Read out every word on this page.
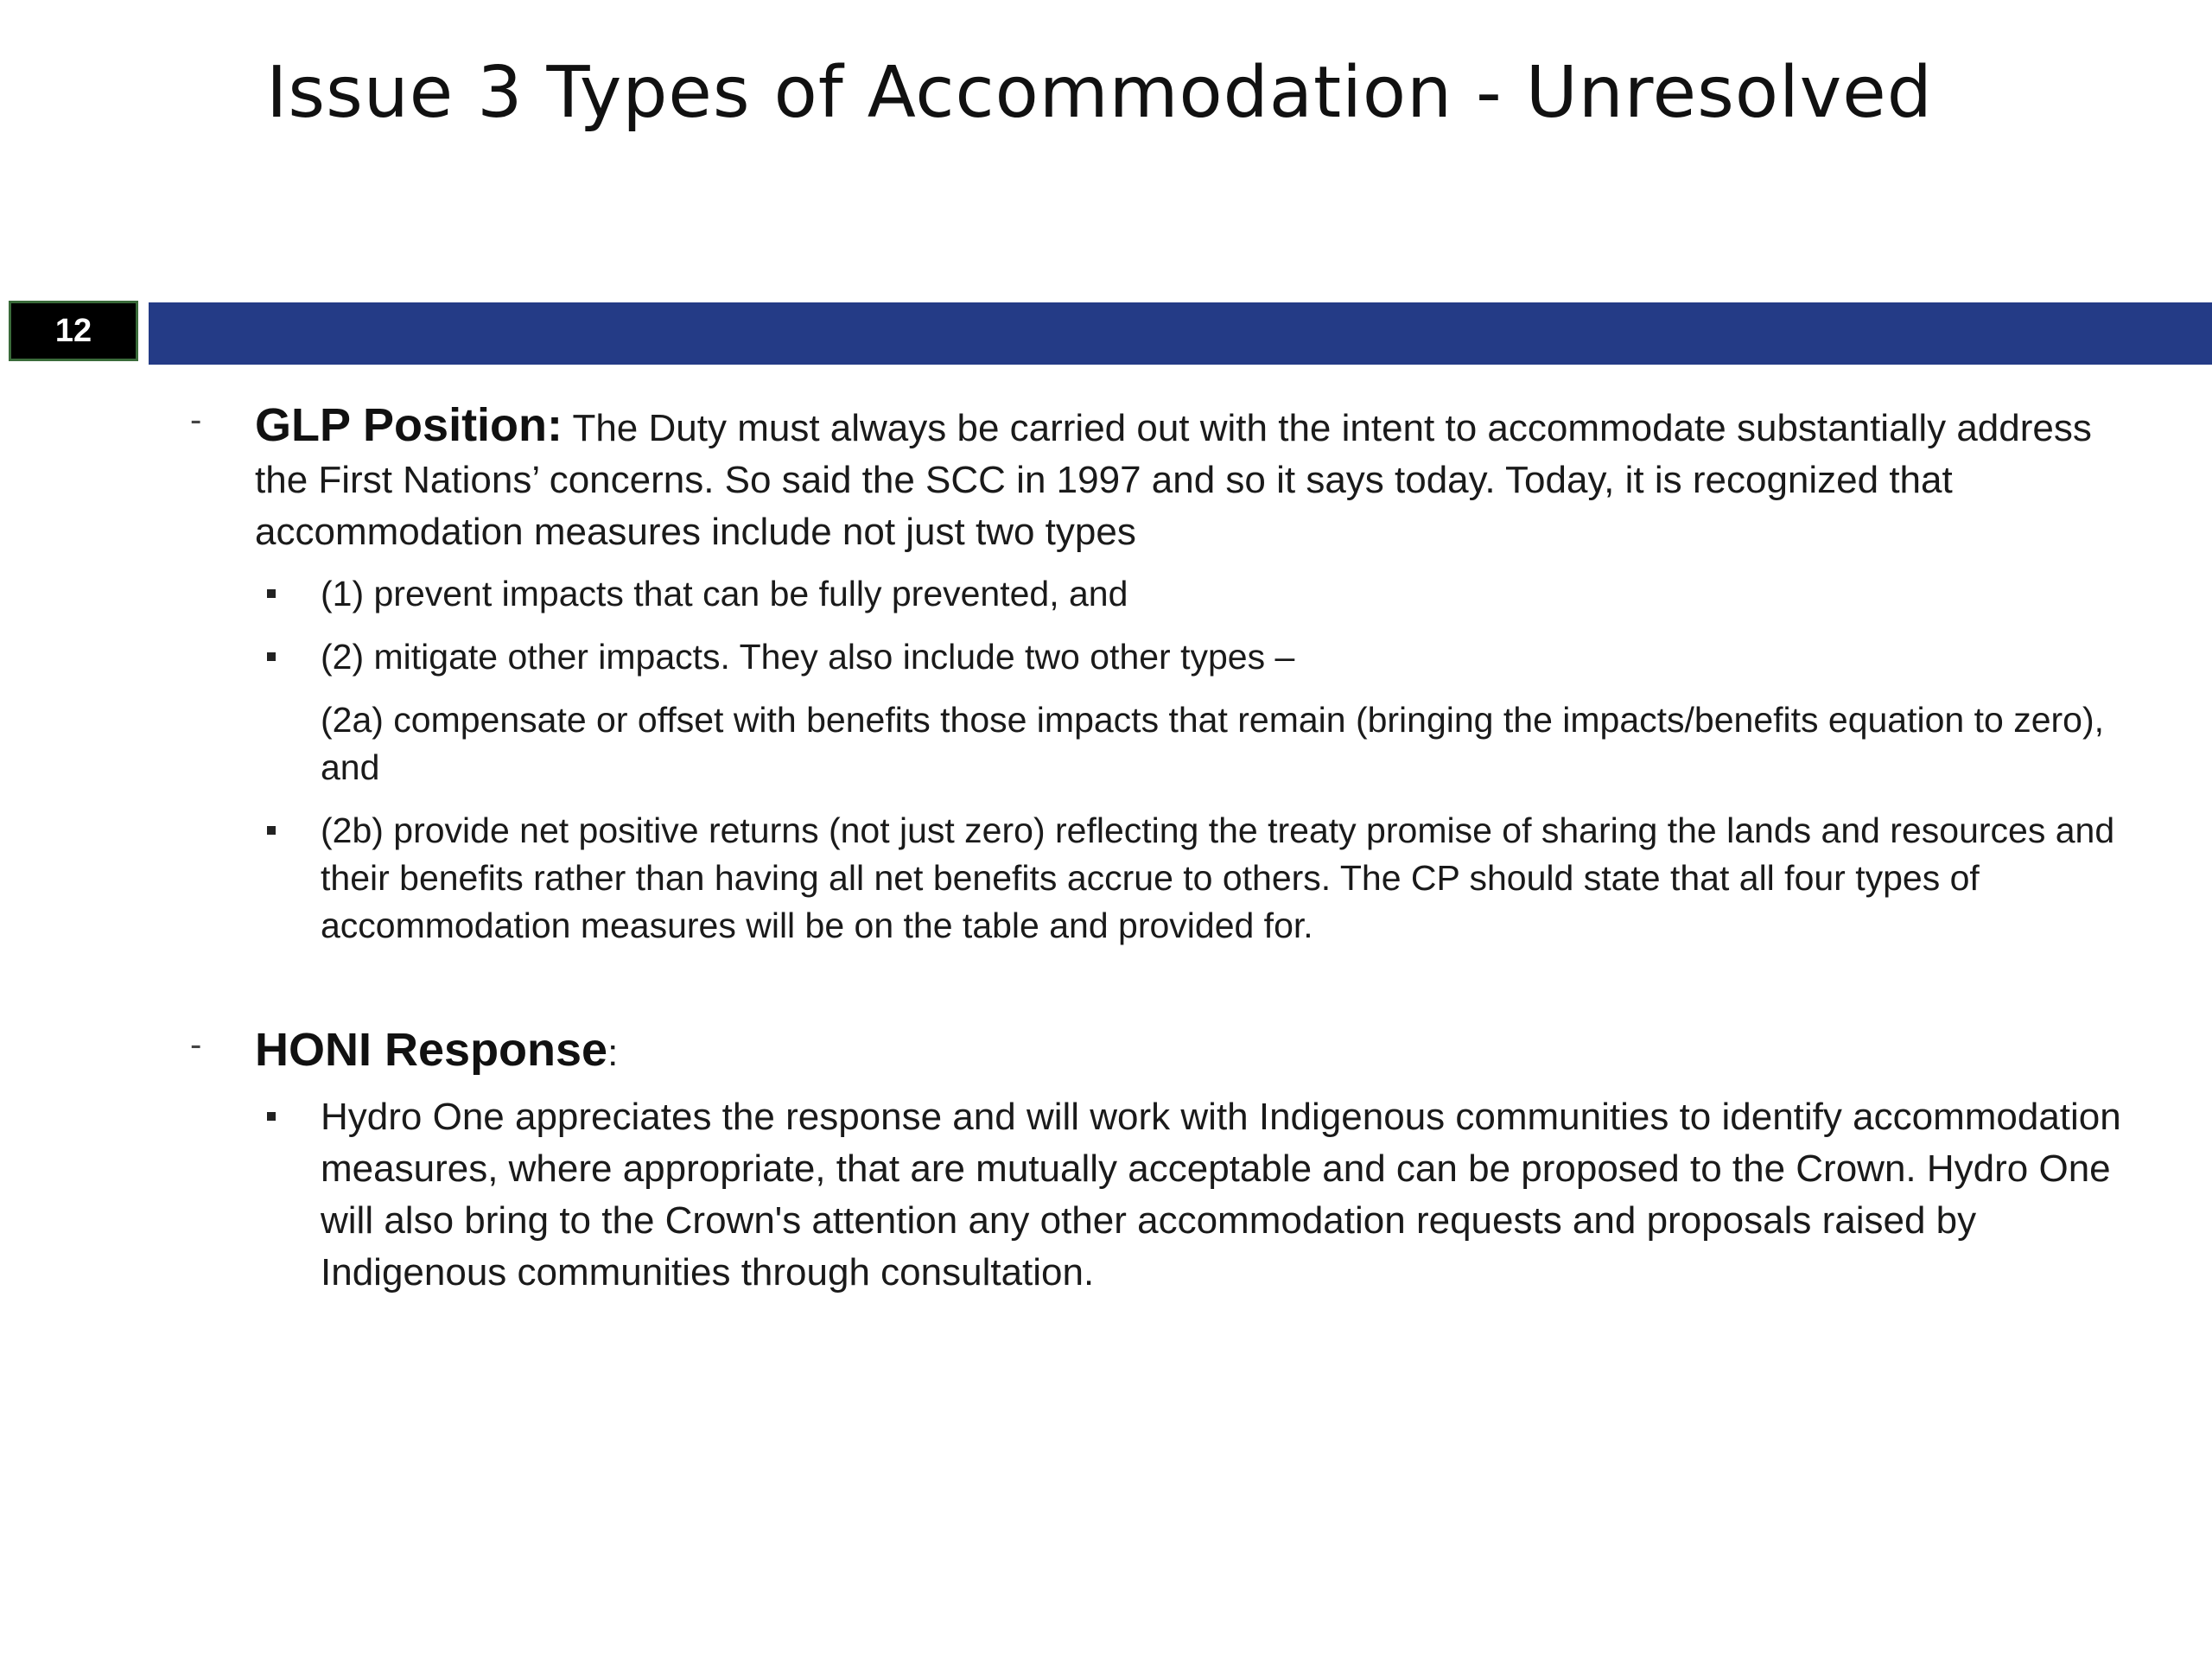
Issue 3 Types of Accommodation - Unresolved
12
- GLP Position: The Duty must always be carried out with the intent to accommodate substantially address the First Nations’ concerns. So said the SCC in 1997 and so it says today. Today, it is recognized that accommodation measures include not just two types
(1) prevent impacts that can be fully prevented, and
(2) mitigate other impacts. They also include two other types –
(2a) compensate or offset with benefits those impacts that remain (bringing the impacts/benefits equation to zero), and
(2b) provide net positive returns (not just zero) reflecting the treaty promise of sharing the lands and resources and their benefits rather than having all net benefits accrue to others. The CP should state that all four types of accommodation measures will be on the table and provided for.
- HONI Response:
Hydro One appreciates the response and will work with Indigenous communities to identify accommodation measures, where appropriate, that are mutually acceptable and can be proposed to the Crown. Hydro One will also bring to the Crown's attention any other accommodation requests and proposals raised by Indigenous communities through consultation.
